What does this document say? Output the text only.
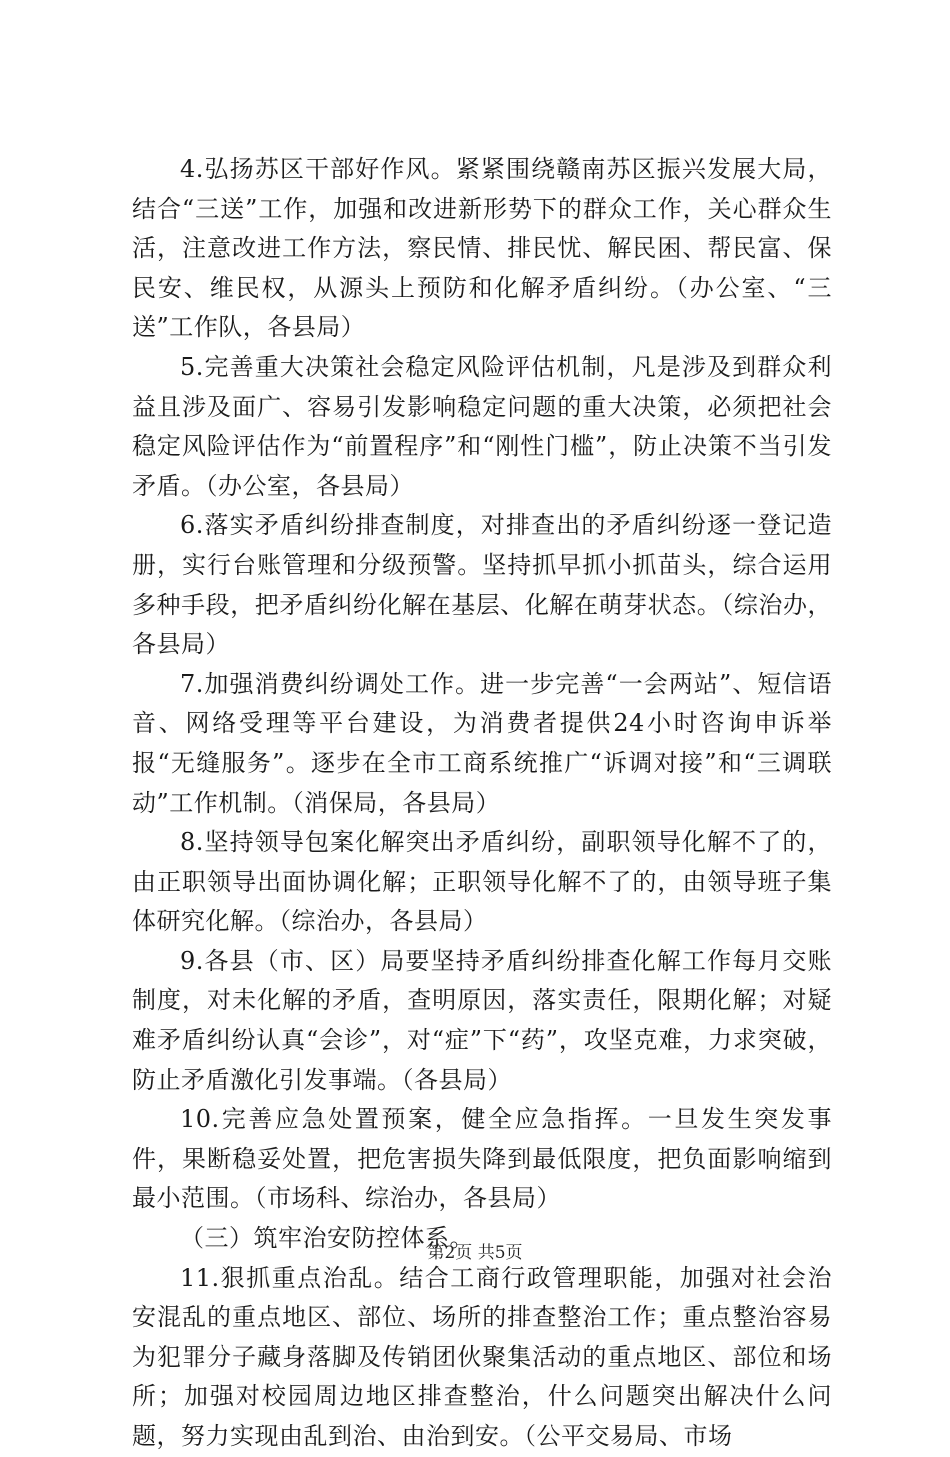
4.弘扬苏区干部好作风。紧紧围绕赣南苏区振兴发展大局，结合“三送”工作，加强和改进新形势下的群众工作，关心群众生活，注意改进工作方法，察民情、排民忧、解民困、帮民富、保民安、维民权，从源头上预防和化解矛盾纠纷。（办公室、“三送”工作队，各县局）

5.完善重大决策社会稳定风险评估机制，凡是涉及到群众利益且涉及面广、容易引发影响稳定问题的重大决策，必须把社会稳定风险评估作为“前置程序”和“刚性门槛”，防止决策不当引发矛盾。（办公室，各县局）

6.落实矛盾纠纷排查制度，对排查出的矛盾纠纷逐一登记造册，实行台账管理和分级预警。坚持抓早抓小抓苗头，综合运用多种手段，把矛盾纠纷化解在基层、化解在萌芽状态。（综治办，各县局）

7.加强消费纠纷调处工作。进一步完善“一会两站”、短信语音、网络受理等平台建设，为消费者提供24小时咨询申诉举报“无缝服务”。逐步在全市工商系统推广“诉调对接”和“三调联动”工作机制。（消保局，各县局）

8.坚持领导包案化解突出矛盾纠纷，副职领导化解不了的，由正职领导出面协调化解；正职领导化解不了的，由领导班子集体研究化解。（综治办，各县局）

9.各县（市、区）局要坚持矛盾纠纷排查化解工作每月交账制度，对未化解的矛盾，查明原因，落实责任，限期化解；对疑难矛盾纠纷认真“会诊”，对“症”下“药”，攻坚克难，力求突破，防止矛盾激化引发事端。（各县局）

10.完善应急处置预案，健全应急指挥。一旦发生突发事件，果断稳妥处置，把危害损失降到最低限度，把负面影响缩到最小范围。（市场科、综治办，各县局）

（三）筑牢治安防控体系。

11.狠抓重点治乱。结合工商行政管理职能，加强对社会治安混乱的重点地区、部位、场所的排查整治工作；重点整治容易为犯罪分子藏身落脚及传销团伙聚集活动的重点地区、部位和场所；加强对校园周边地区排查整治，什么问题突出解决什么问题，努力实现由乱到治、由治到安。（公平交易局、市场

第2页 共5页
